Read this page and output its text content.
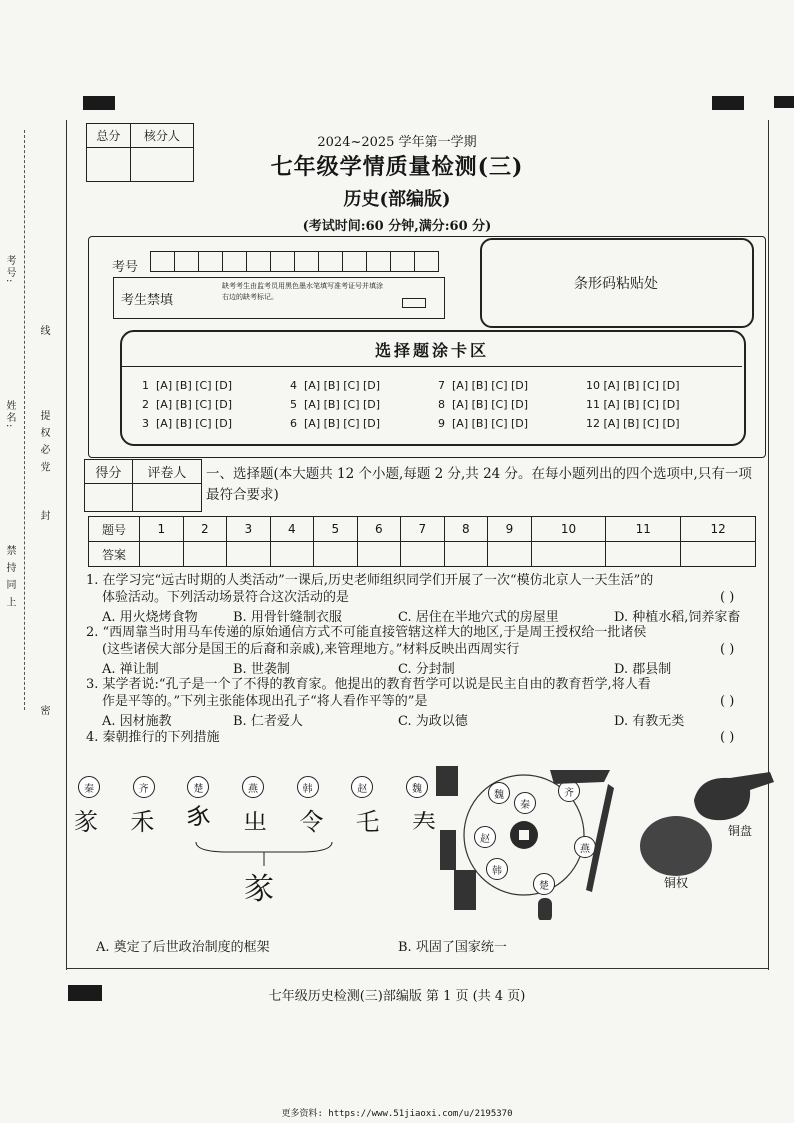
考号:
姓名:
禁 持 同 上
提 权 必 党
线
封
密
总分	核分人
		2024~2025 学年第一学期
七年级学情质量检测(三)
历史(部编版)
(考试时间:60 分钟,满分:60 分)
考号
考生禁填
缺考考生由监考员用黑色墨水笔填写准考证号并填涂右边的缺考标记。
条形码粘贴处
选择题涂卡区
1 [A] [B] [C] [D]	4 [A] [B] [C] [D]	7 [A] [B] [C] [D]	10 [A] [B] [C] [D]
2 [A] [B] [C] [D]	5 [A] [B] [C] [D]	8 [A] [B] [C] [D]	11 [A] [B] [C] [D]
3 [A] [B] [C] [D]	6 [A] [B] [C] [D]	9 [A] [B] [C] [D]	12 [A] [B] [C] [D]
得分	评卷人
	一、选择题(本大题共 12 个小题,每题 2 分,共 24 分。在每小题列出的四个选项中,只有一项最符合要求)
题号	1	2	3	4	5	6	7	8	9	10	11	12
答案												
1. 在学习完“远古时期的人类活动”一课后,历史老师组织同学们开展了一次“模仿北京人一天生活”的
体验活动。下列活动场景符合这次活动的是	( )
A. 用火烧烤食物	B. 用骨针缝制衣服	C. 居住在半地穴式的房屋里	D. 种植水稻,饲养家畜
2. “西周靠当时用马车传递的原始通信方式不可能直接管辖这样大的地区,于是周王授权给一批诸侯
(这些诸侯大部分是国王的后裔和亲戚),来管理地方。”材料反映出西周实行	( )
A. 禅让制	B. 世袭制	C. 分封制	D. 郡县制
3. 某学者说:“孔子是一个了不得的教育家。他提出的教育哲学可以说是民主自由的教育哲学,将人看
作是平等的。”下列主张能体现出孔子“将人看作平等的”是	( )
A. 因材施教	B. 仁者爱人	C. 为政以德	D. 有教无类
4. 秦朝推行的下列措施	( )
秦	齐	楚	燕	韩	赵	魏
㒸 禾 𧰨 㞢 令 乇 𡗗
㒸
秦
齐
燕
楚
韩
赵
魏
铜盘
铜权
A. 奠定了后世政治制度的框架	B. 巩固了国家统一
七年级历史检测(三)部编版 第 1 页 (共 4 页)
更多资料: https://www.51jiaoxi.com/u/2195370
